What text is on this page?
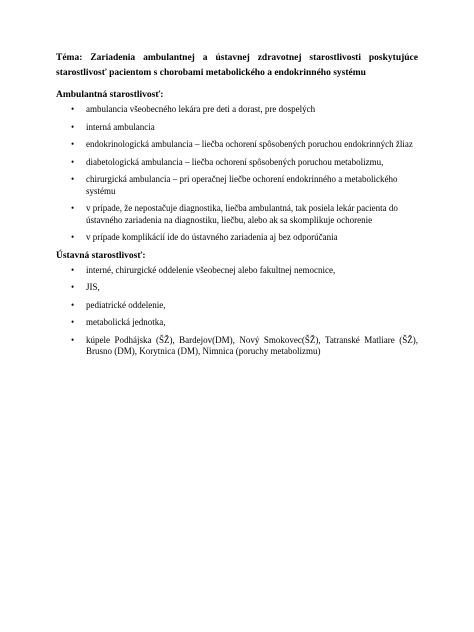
Téma: Zariadenia ambulantnej a ústavnej zdravotnej starostlivosti poskytujúce starostlivosť pacientom s chorobami metabolického a endokrinného systému

Ambulantná starostlivosť:
• ambulancia všeobecného lekára pre deti a dorast, pre dospelých
• interná ambulancia
• endokrinologická ambulancia – liečba ochorení spôsobených poruchou endokrinných žliaz
• diabetologická ambulancia – liečba ochorení spôsobených poruchou metabolizmu,
• chirurgická ambulancia – pri operačnej liečbe ochorení endokrinného a metabolického systému
• v prípade, že nepostačuje diagnostika, liečba ambulantná, tak posiela lekár pacienta do ústavného zariadenia na diagnostiku, liečbu, alebo ak sa skomplikuje ochorenie
• v prípade komplikácií ide do ústavného zariadenia aj bez odporúčania
Ústavná starostlivosť:
• interné, chirurgické oddelenie všeobecnej alebo fakultnej nemocnice,
• JIS,
• pediatrické oddelenie,
• metabolická jednotka,
• kúpele Podhájska (ŠŽ), Bardejov(DM), Nový Smokovec(ŠŽ), Tatranské Matliare (ŠŽ), Brusno (DM), Korytnica (DM), Nimnica (poruchy metabolizmu)
